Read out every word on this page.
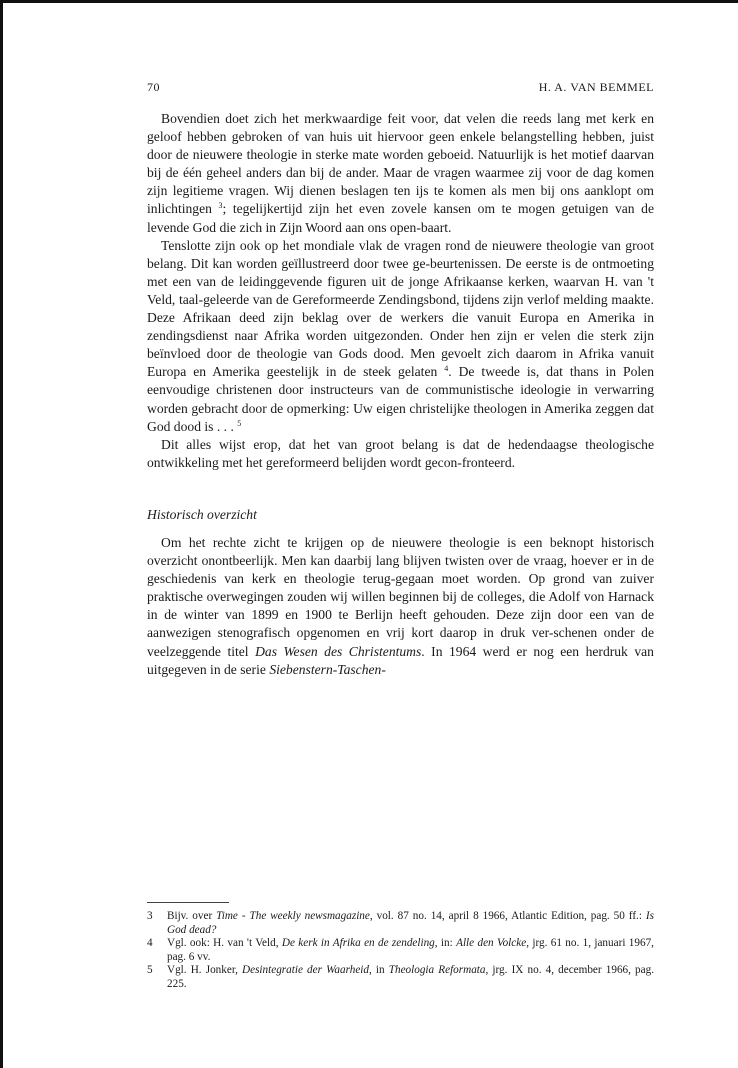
70	H. A. VAN BEMMEL

Bovendien doet zich het merkwaardige feit voor, dat velen die reeds lang met kerk en geloof hebben gebroken of van huis uit hiervoor geen enkele belangstelling hebben, juist door de nieuwere theologie in sterke mate worden geboeid. Natuurlijk is het motief daarvan bij de één geheel anders dan bij de ander. Maar de vragen waarmee zij voor de dag komen zijn legitieme vragen. Wij dienen beslagen ten ijs te komen als men bij ons aanklopt om inlichtingen $^3$; tegelijkertijd zijn het even zovele kansen om te mogen getuigen van de levende God die zich in Zijn Woord aan ons open-baart.

Tenslotte zijn ook op het mondiale vlak de vragen rond de nieuwere theologie van groot belang. Dit kan worden geïllustreerd door twee ge-beurtenissen. De eerste is de ontmoeting met een van de leidinggevende figuren uit de jonge Afrikaanse kerken, waarvan H. van 't Veld, taal-geleerde van de Gereformeerde Zendingsbond, tijdens zijn verlof melding maakte. Deze Afrikaan deed zijn beklag over de werkers die vanuit Europa en Amerika in zendingsdienst naar Afrika worden uitgezonden. Onder hen zijn er velen die sterk zijn beïnvloed door de theologie van Gods dood. Men gevoelt zich daarom in Afrika vanuit Europa en Amerika geestelijk in de steek gelaten $^4$. De tweede is, dat thans in Polen eenvoudige christenen door instructeurs van de communistische ideologie in verwarring worden gebracht door de opmerking: Uw eigen christelijke theologen in Amerika zeggen dat God dood is . . . $^5$

Dit alles wijst erop, dat het van groot belang is dat de hedendaagse theologische ontwikkeling met het gereformeerd belijden wordt gecon-fronteerd.

Historisch overzicht

Om het rechte zicht te krijgen op de nieuwere theologie is een beknopt historisch overzicht onontbeerlijk. Men kan daarbij lang blijven twisten over de vraag, hoever er in de geschiedenis van kerk en theologie terug-gegaan moet worden. Op grond van zuiver praktische overwegingen zouden wij willen beginnen bij de colleges, die Adolf von Harnack in de winter van 1899 en 1900 te Berlijn heeft gehouden. Deze zijn door een van de aanwezigen stenografisch opgenomen en vrij kort daarop in druk ver-schenen onder de veelzeggende titel Das Wesen des Christentums. In 1964 werd er nog een herdruk van uitgegeven in de serie Siebenstern-Taschen-

3	Bijv. over Time - The weekly newsmagazine, vol. 87 no. 14, april 8 1966, Atlantic Edition, pag. 50 ff.: Is God dead?
4	Vgl. ook: H. van 't Veld, De kerk in Afrika en de zendeling, in: Alle den Volcke, jrg. 61 no. 1, januari 1967, pag. 6 vv.
5	Vgl. H. Jonker, Desintegratie der Waarheid, in Theologia Reformata, jrg. IX no. 4, december 1966, pag. 225.
